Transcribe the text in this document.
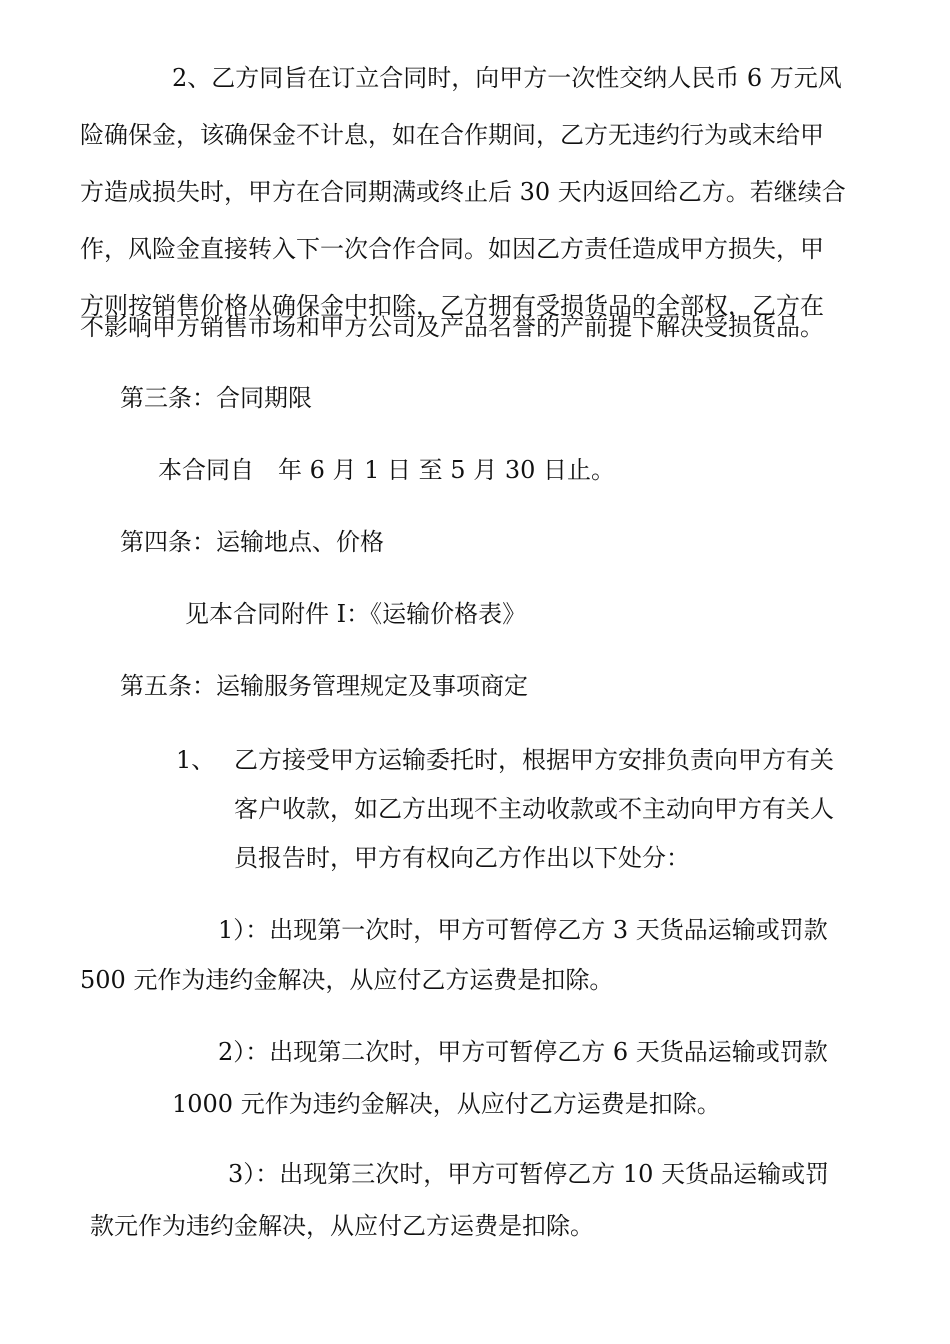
2、乙方同旨在订立合同时，向甲方一次性交纳人民币 6 万元风
险确保金，该确保金不计息，如在合作期间，乙方无违约行为或末给甲
方造成损失时，甲方在合同期满或终止后 30 天内返回给乙方。若继续合
作，风险金直接转入下一次合作合同。如因乙方责任造成甲方损失，甲
方则按销售价格从确保金中扣除，乙方拥有受损货品的全部权，乙方在
不影响甲方销售市场和甲方公司及产品名誉的产前提下解决受损货品。
第三条：合同期限
本合同自　年 6 月 1 日 至 5 月 30 日止。
第四条：运输地点、价格
见本合同附件 I：《运输价格表》
第五条：运输服务管理规定及事项商定
1、 乙方接受甲方运输委托时，根据甲方安排负责向甲方有关
客户收款，如乙方出现不主动收款或不主动向甲方有关人
员报告时，甲方有权向乙方作出以下处分：
1）：出现第一次时，甲方可暂停乙方 3 天货品运输或罚款
500 元作为违约金解决，从应付乙方运费是扣除。
2）：出现第二次时，甲方可暂停乙方 6 天货品运输或罚款
1000 元作为违约金解决，从应付乙方运费是扣除。
3）：出现第三次时，甲方可暂停乙方 10 天货品运输或罚
款元作为违约金解决，从应付乙方运费是扣除。
